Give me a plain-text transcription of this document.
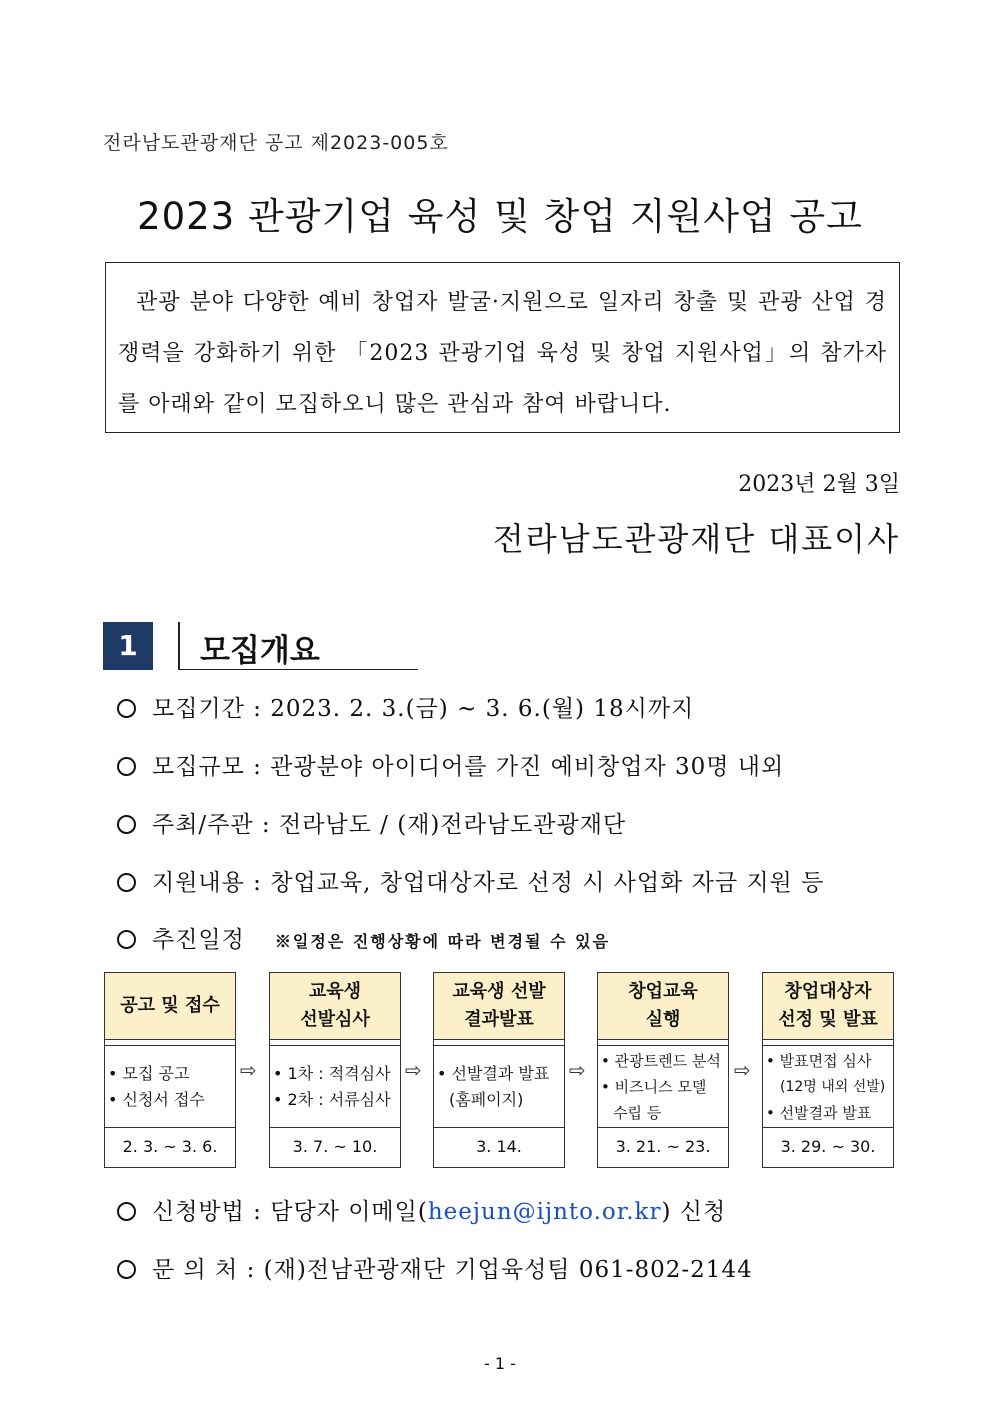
전라남도관광재단 공고 제2023-005호
2023 관광기업 육성 및 창업 지원사업 공고

관광 분야 다양한 예비 창업자 발굴·지원으로 일자리 창출 및 관광 산업 경쟁력을 강화하기 위한 「2023 관광기업 육성 및 창업 지원사업」의 참가자를 아래와 같이 모집하오니 많은 관심과 참여 바랍니다.

2023년 2월 3일
전라남도관광재단 대표이사
1	모집개요
모집기간 : 2023. 2. 3.(금) ~ 3. 6.(월) 18시까지
모집규모 : 관광분야 아이디어를 가진 예비창업자 30명 내외
주최/주관 : 전라남도 / (재)전라남도관광재단
지원내용 : 창업교육, 창업대상자로 선정 시 사업화 자금 지원 등
추진일정 ※일정은 진행상황에 따라 변경될 수 있음
공고 및 접수
• 모집 공고
• 신청서 접수
2. 3. ~ 3. 6.
⇨
교육생
선발심사
• 1차 : 적격심사
• 2차 : 서류심사
3. 7. ~ 10.
⇨
교육생 선발
결과발표
• 선발결과 발표
(홈페이지)
3. 14.
⇨
창업교육
실행
• 관광트렌드 분석
• 비즈니스 모델
수립 등
3. 21. ~ 23.
⇨
창업대상자
선정 및 발표
• 발표면접 심사
(12명 내외 선발)
• 선발결과 발표
3. 29. ~ 30.
신청방법 : 담당자 이메일(heejun@ijnto.or.kr) 신청
문 의 처 : (재)전남관광재단 기업육성팀 061-802-2144
- 1 -
